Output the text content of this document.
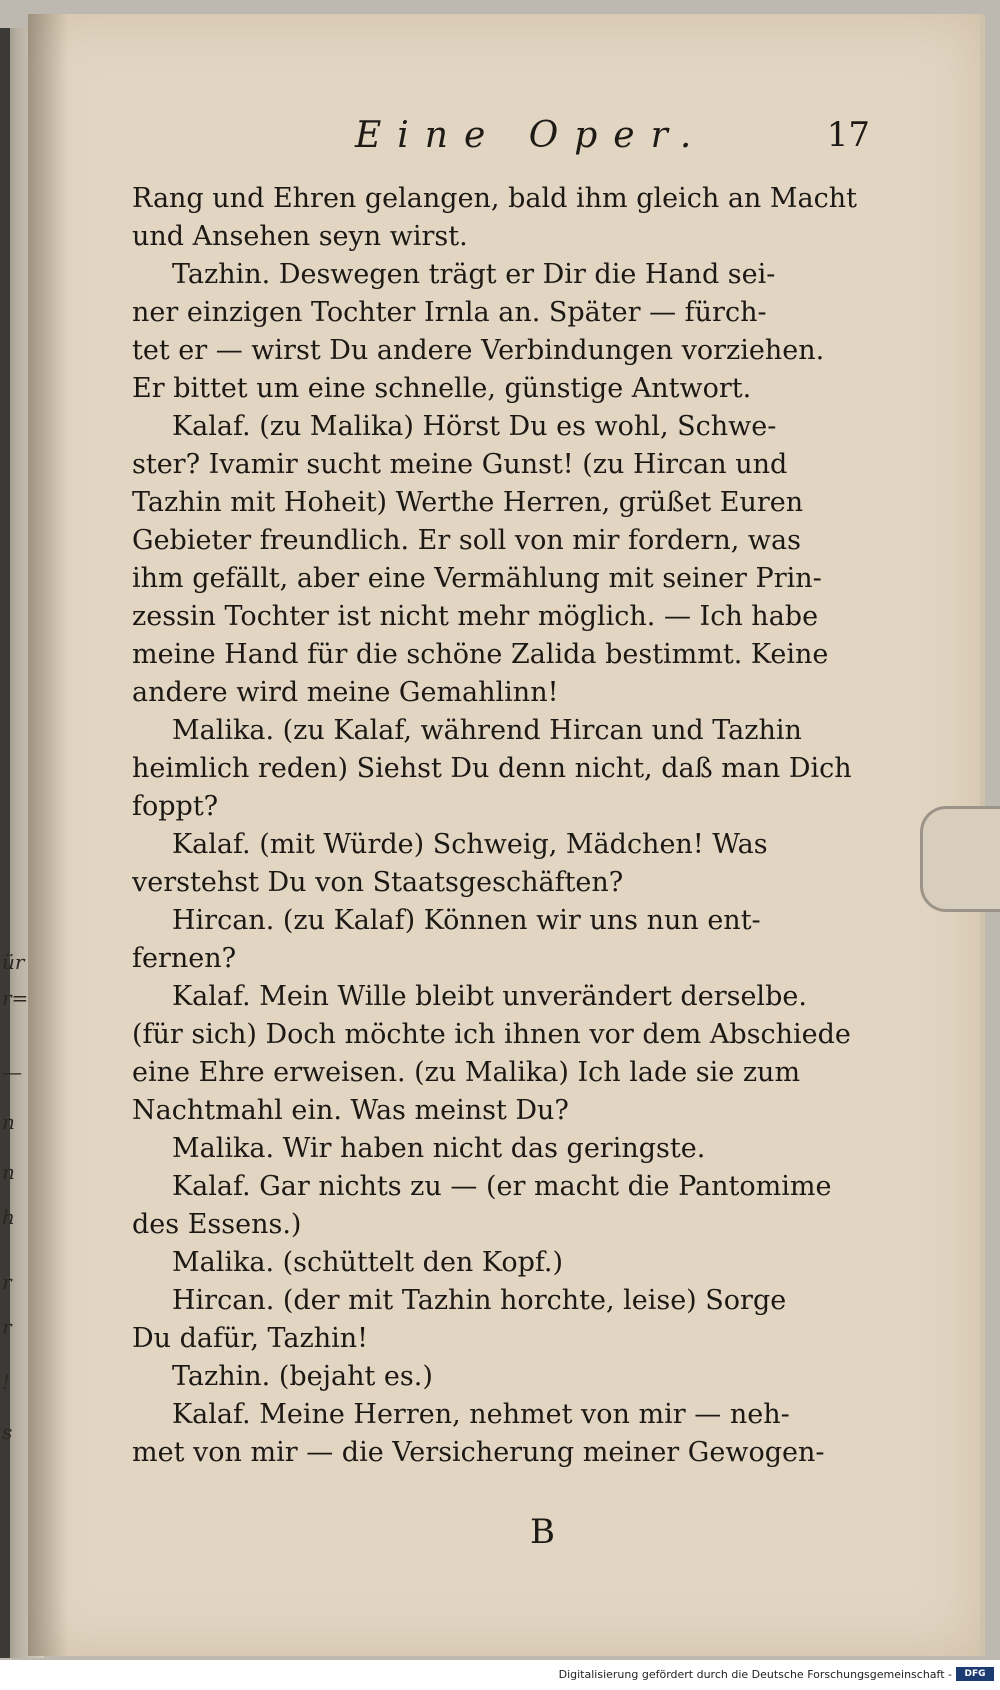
ür
r=
—
n
n
h
r
r
!
s
Eine Oper.	17
Rang und Ehren gelangen, bald ihm gleich an Macht
und Ansehen seyn wirst.
Tazhin. Deswegen trägt er Dir die Hand sei-
ner einzigen Tochter Irnla an. Später — fürch-
tet er — wirst Du andere Verbindungen vorziehen.
Er bittet um eine schnelle, günstige Antwort.
Kalaf. (zu Malika) Hörst Du es wohl, Schwe-
ster? Ivamir sucht meine Gunst! (zu Hircan und
Tazhin mit Hoheit) Werthe Herren, grüßet Euren
Gebieter freundlich. Er soll von mir fordern, was
ihm gefällt, aber eine Vermählung mit seiner Prin-
zessin Tochter ist nicht mehr möglich. — Ich habe
meine Hand für die schöne Zalida bestimmt. Keine
andere wird meine Gemahlinn!
Malika. (zu Kalaf, während Hircan und Tazhin
heimlich reden) Siehst Du denn nicht, daß man Dich
foppt?
Kalaf. (mit Würde) Schweig, Mädchen! Was
verstehst Du von Staatsgeschäften?
Hircan. (zu Kalaf) Können wir uns nun ent-
fernen?
Kalaf. Mein Wille bleibt unverändert derselbe.
(für sich) Doch möchte ich ihnen vor dem Abschiede
eine Ehre erweisen. (zu Malika) Ich lade sie zum
Nachtmahl ein. Was meinst Du?
Malika. Wir haben nicht das geringste.
Kalaf. Gar nichts zu — (er macht die Pantomime
des Essens.)
Malika. (schüttelt den Kopf.)
Hircan. (der mit Tazhin horchte, leise) Sorge
Du dafür, Tazhin!
Tazhin. (bejaht es.)
Kalaf. Meine Herren, nehmet von mir — neh-
met von mir — die Versicherung meiner Gewogen-
B
Digitalisierung gefördert durch die Deutsche Forschungsgemeinschaft -	DFG
